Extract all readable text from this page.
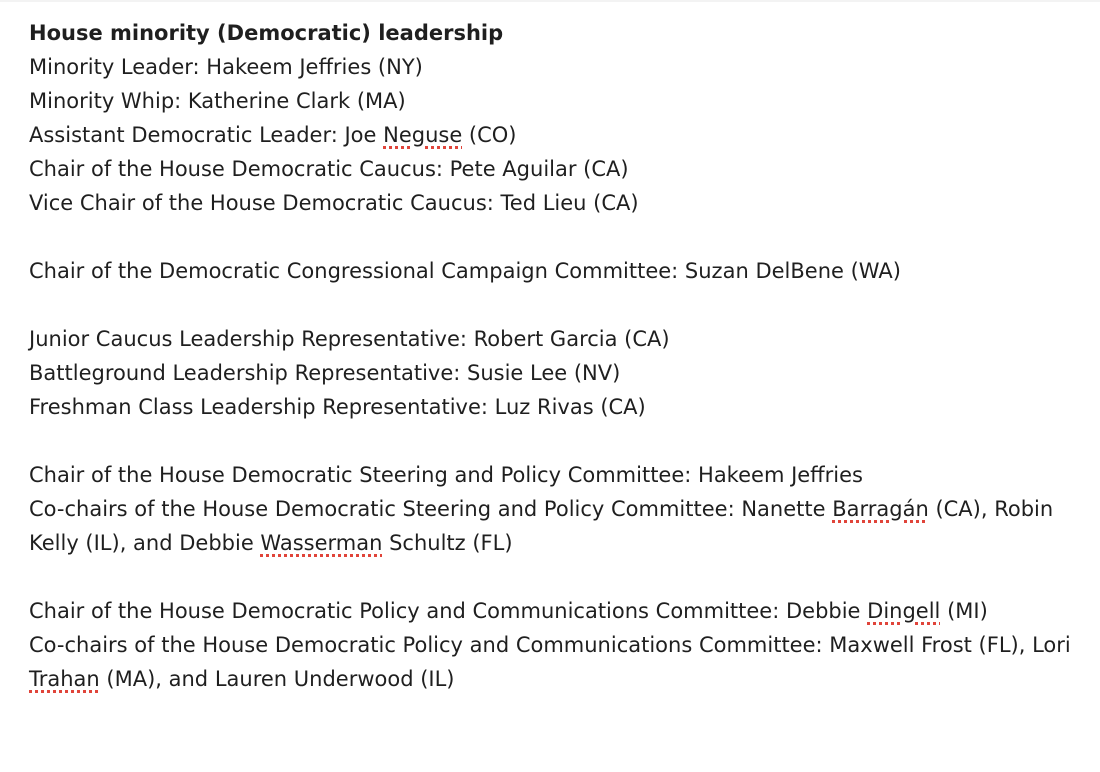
House minority (Democratic) leadership

Minority Leader: Hakeem Jeffries (NY)

Minority Whip: Katherine Clark (MA)

Assistant Democratic Leader: Joe Neguse (CO)

Chair of the House Democratic Caucus: Pete Aguilar (CA)

Vice Chair of the House Democratic Caucus: Ted Lieu (CA)

Chair of the Democratic Congressional Campaign Committee: Suzan DelBene (WA)

Junior Caucus Leadership Representative: Robert Garcia (CA)

Battleground Leadership Representative: Susie Lee (NV)

Freshman Class Leadership Representative: Luz Rivas (CA)

Chair of the House Democratic Steering and Policy Committee: Hakeem Jeffries

Co-chairs of the House Democratic Steering and Policy Committee: Nanette Barragán (CA), Robin Kelly (IL), and Debbie Wasserman Schultz (FL)

Chair of the House Democratic Policy and Communications Committee: Debbie Dingell (MI)

Co-chairs of the House Democratic Policy and Communications Committee: Maxwell Frost (FL), Lori Trahan (MA), and Lauren Underwood (IL)
